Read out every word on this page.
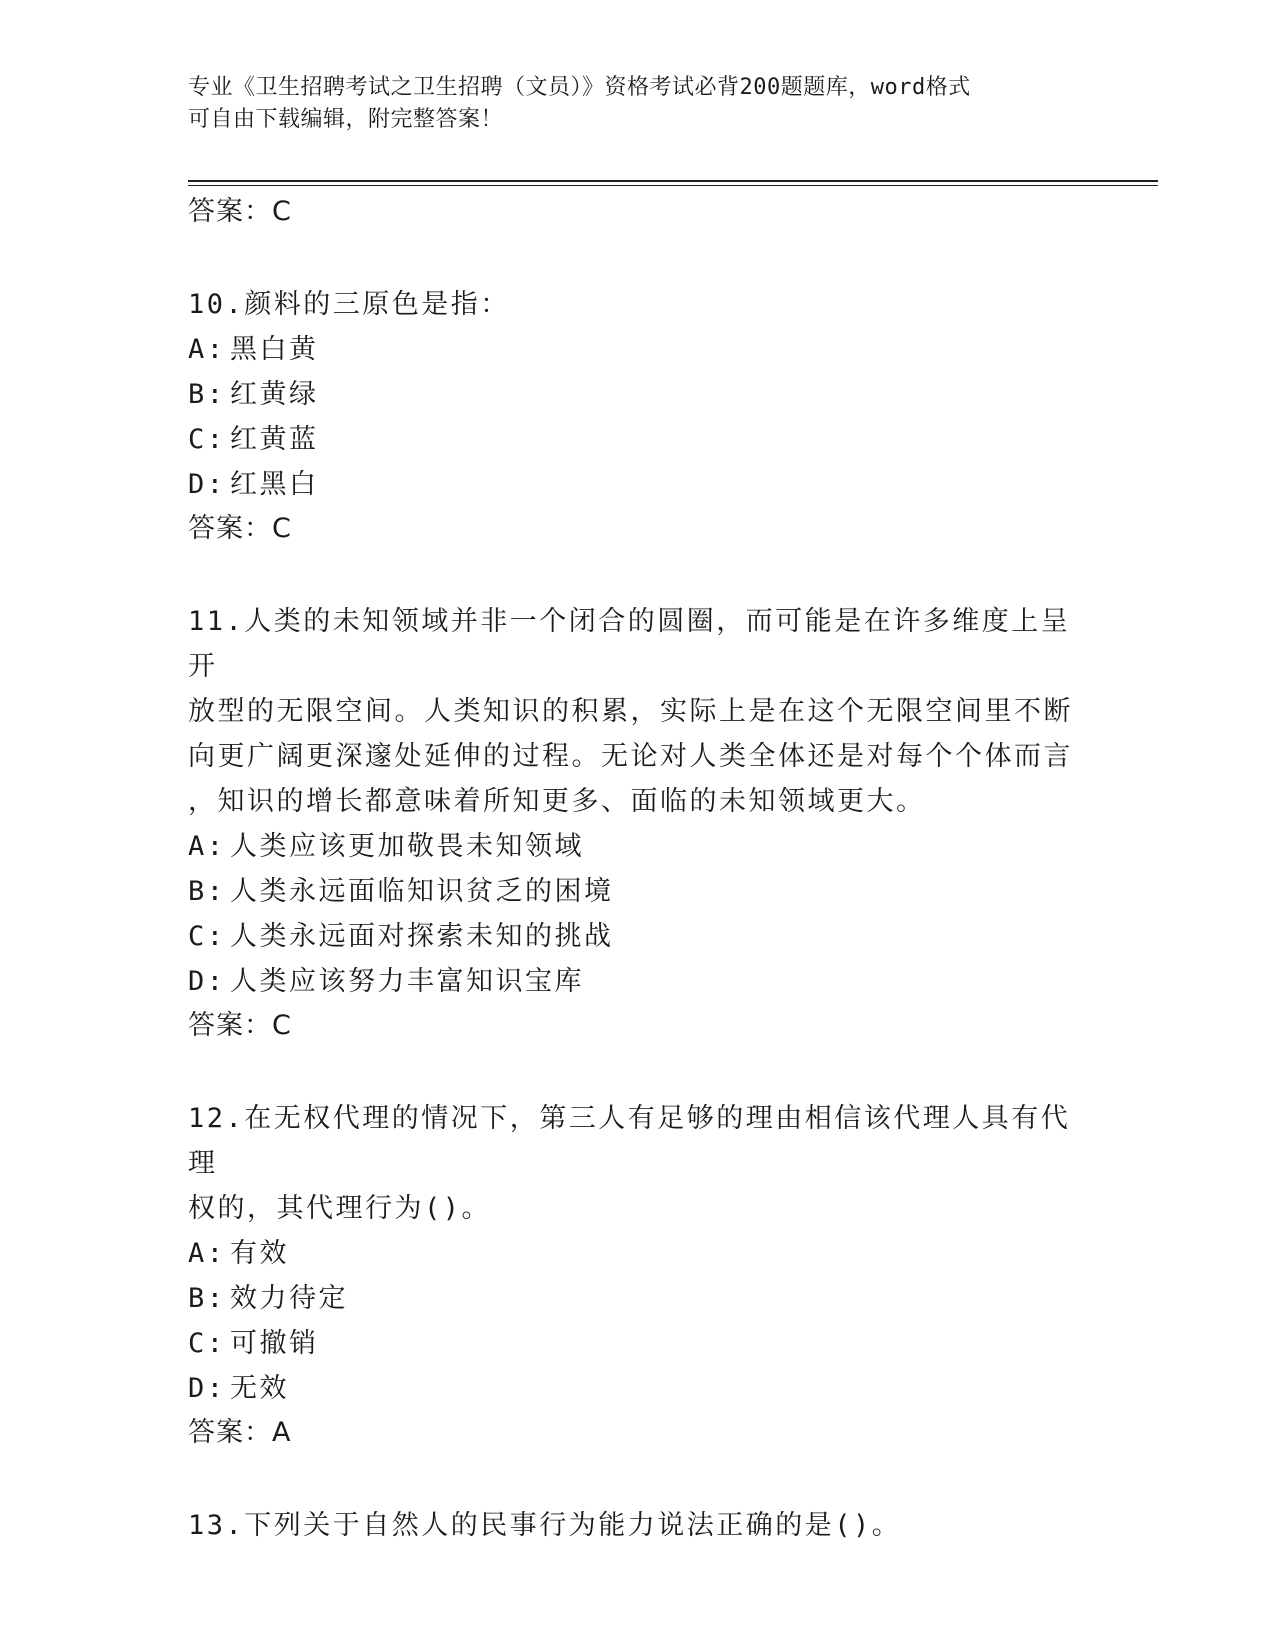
专业《卫生招聘考试之卫生招聘（文员）》资格考试必背200题题库，word格式
可自由下载编辑，附完整答案！
答案：C
10.颜料的三原色是指：
A: 黑白黄
B: 红黄绿
C: 红黄蓝
D: 红黑白
答案：C
11.人类的未知领域并非一个闭合的圆圈，而可能是在许多维度上呈开
放型的无限空间。人类知识的积累，实际上是在这个无限空间里不断
向更广阔更深邃处延伸的过程。无论对人类全体还是对每个个体而言
，知识的增长都意味着所知更多、面临的未知领域更大。
A: 人类应该更加敬畏未知领域
B: 人类永远面临知识贫乏的困境
C: 人类永远面对探索未知的挑战
D: 人类应该努力丰富知识宝库
答案：C
12.在无权代理的情况下，第三人有足够的理由相信该代理人具有代理
权的，其代理行为()。
A: 有效
B: 效力待定
C: 可撤销
D: 无效
答案：A
13.下列关于自然人的民事行为能力说法正确的是()。
